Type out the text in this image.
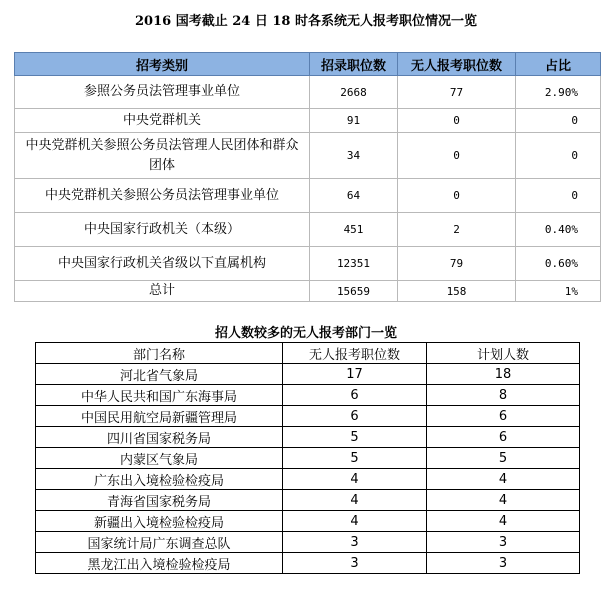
2016 国考截止 24 日 18 时各系统无人报考职位情况一览
招考类别	招录职位数	无人报考职位数	占比
参照公务员法管理事业单位	2668	77	2.90%
中央党群机关	91	0	0
中央党群机关参照公务员法管理人民团体和群众团体	34	0	0
中央党群机关参照公务员法管理事业单位	64	0	0
中央国家行政机关（本级）	451	2	0.40%
中央国家行政机关省级以下直属机构	12351	79	0.60%
总计	15659	158	1%
招人数较多的无人报考部门一览
部门名称	无人报考职位数	计划人数
河北省气象局	17	18
中华人民共和国广东海事局	6	8
中国民用航空局新疆管理局	6	6
四川省国家税务局	5	6
内蒙区气象局	5	5
广东出入境检验检疫局	4	4
青海省国家税务局	4	4
新疆出入境检验检疫局	4	4
国家统计局广东调查总队	3	3
黑龙江出入境检验检疫局	3	3
